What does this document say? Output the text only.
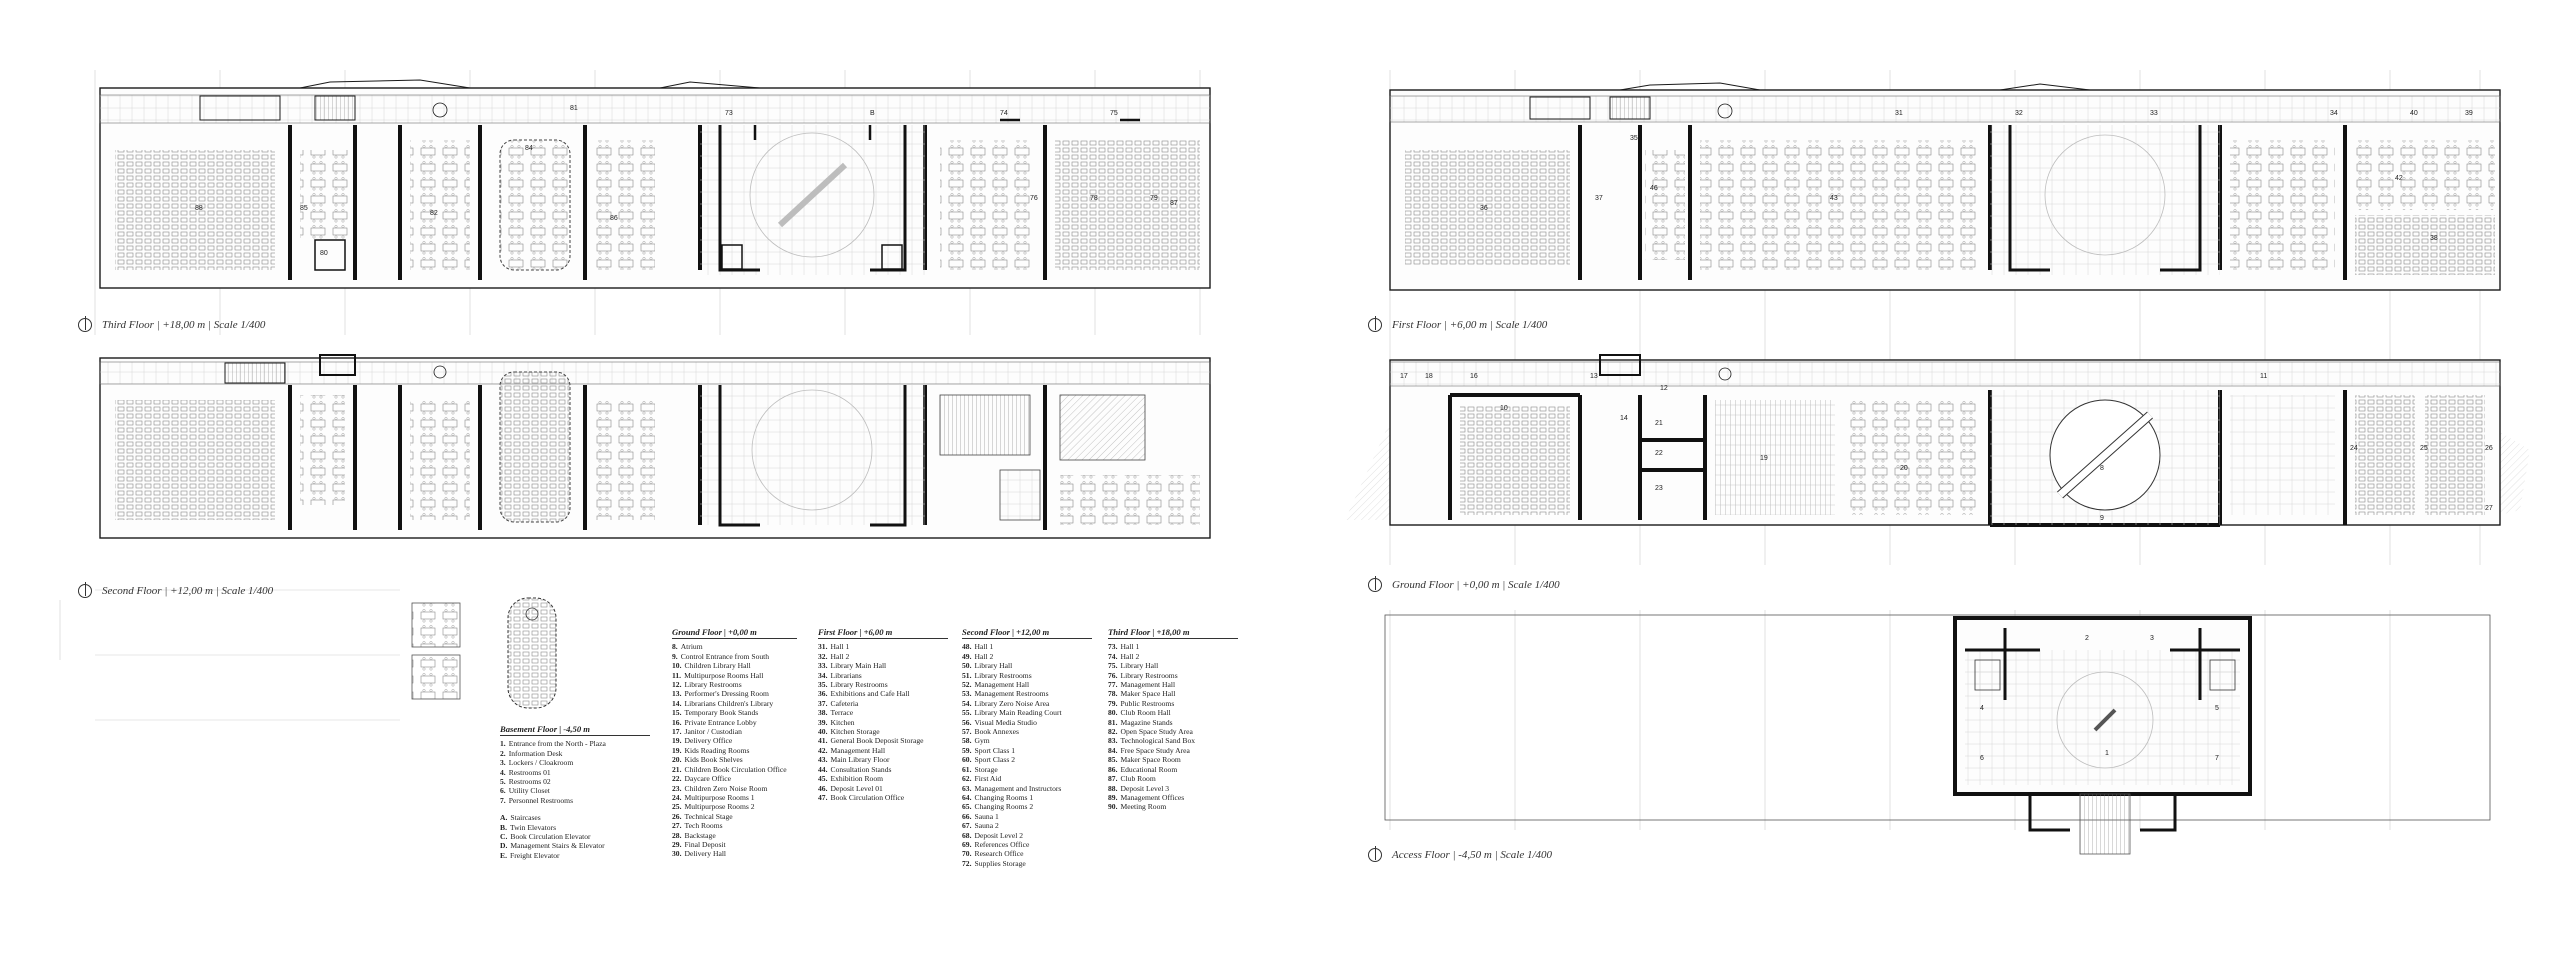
88	85
82
84
81
86
87
80
73	B	74	75
76	78	79
36
37	43
46
35
31	32	33	34	40	39
38
42
17 18	16	13
14
12
10
19
20
21
22
23
8
9
24	25	26
11
27
2	3
1
4	5
6	7
Third Floor | +18,00 m | Scale 1/400
Second Floor | +12,00 m | Scale 1/400
First Floor | +6,00 m | Scale 1/400
Ground Floor | +0,00 m | Scale 1/400
Access Floor | -4,50 m | Scale 1/400
Basement Floor | -4,50 m
1. Entrance from the North - Plaza
2. Information Desk
3. Lockers / Cloakroom
4. Restrooms 01
5. Restrooms 02
6. Utility Closet
7. Personnel Restrooms
A. Staircases
B. Twin Elevators
C. Book Circulation Elevator
D. Management Stairs & Elevator
E. Freight Elevator
Ground Floor | +0,00 m
8. Atrium
9. Control Entrance from South
10. Children Library Hall
11. Multipurpose Rooms Hall
12. Library Restrooms
13. Performer's Dressing Room
14. Librarians Children's Library
15. Temporary Book Stands
16. Private Entrance Lobby
17. Janitor / Custodian
19. Delivery Office
19. Kids Reading Rooms
20. Kids Book Shelves
21. Children Book Circulation Office
22. Daycare Office
23. Children Zero Noise Room
24. Multipurpose Rooms 1
25. Multipurpose Rooms 2
26. Technical Stage
27. Tech Rooms
28. Backstage
29. Final Deposit
30. Delivery Hall
First Floor | +6,00 m
31. Hall 1
32. Hall 2
33. Library Main Hall
34. Librarians
35. Library Restrooms
36. Exhibitions and Cafe Hall
37. Cafeteria
38. Terrace
39. Kitchen
40. Kitchen Storage
41. General Book Deposit Storage
42. Management Hall
43. Main Library Floor
44. Consultation Stands
45. Exhibition Room
46. Deposit Level 01
47. Book Circulation Office
Second Floor | +12,00 m
48. Hall 1
49. Hall 2
50. Library Hall
51. Library Restrooms
52. Management Hall
53. Management Restrooms
54. Library Zero Noise Area
55. Library Main Reading Court
56. Visual Media Studio
57. Book Annexes
58. Gym
59. Sport Class 1
60. Sport Class 2
61. Storage
62. First Aid
63. Management and Instructors
64. Changing Rooms 1
65. Changing Rooms 2
66. Sauna 1
67. Sauna 2
68. Deposit Level 2
69. References Office
70. Research Office
72. Supplies Storage
Third Floor | +18,00 m
73. Hall 1
74. Hall 2
75. Library Hall
76. Library Restrooms
77. Management Hall
78. Maker Space Hall
79. Public Restrooms
80. Club Room Hall
81. Magazine Stands
82. Open Space Study Area
83. Technological Sand Box
84. Free Space Study Area
85. Maker Space Room
86. Educational Room
87. Club Room
88. Deposit Level 3
89. Management Offices
90. Meeting Room
